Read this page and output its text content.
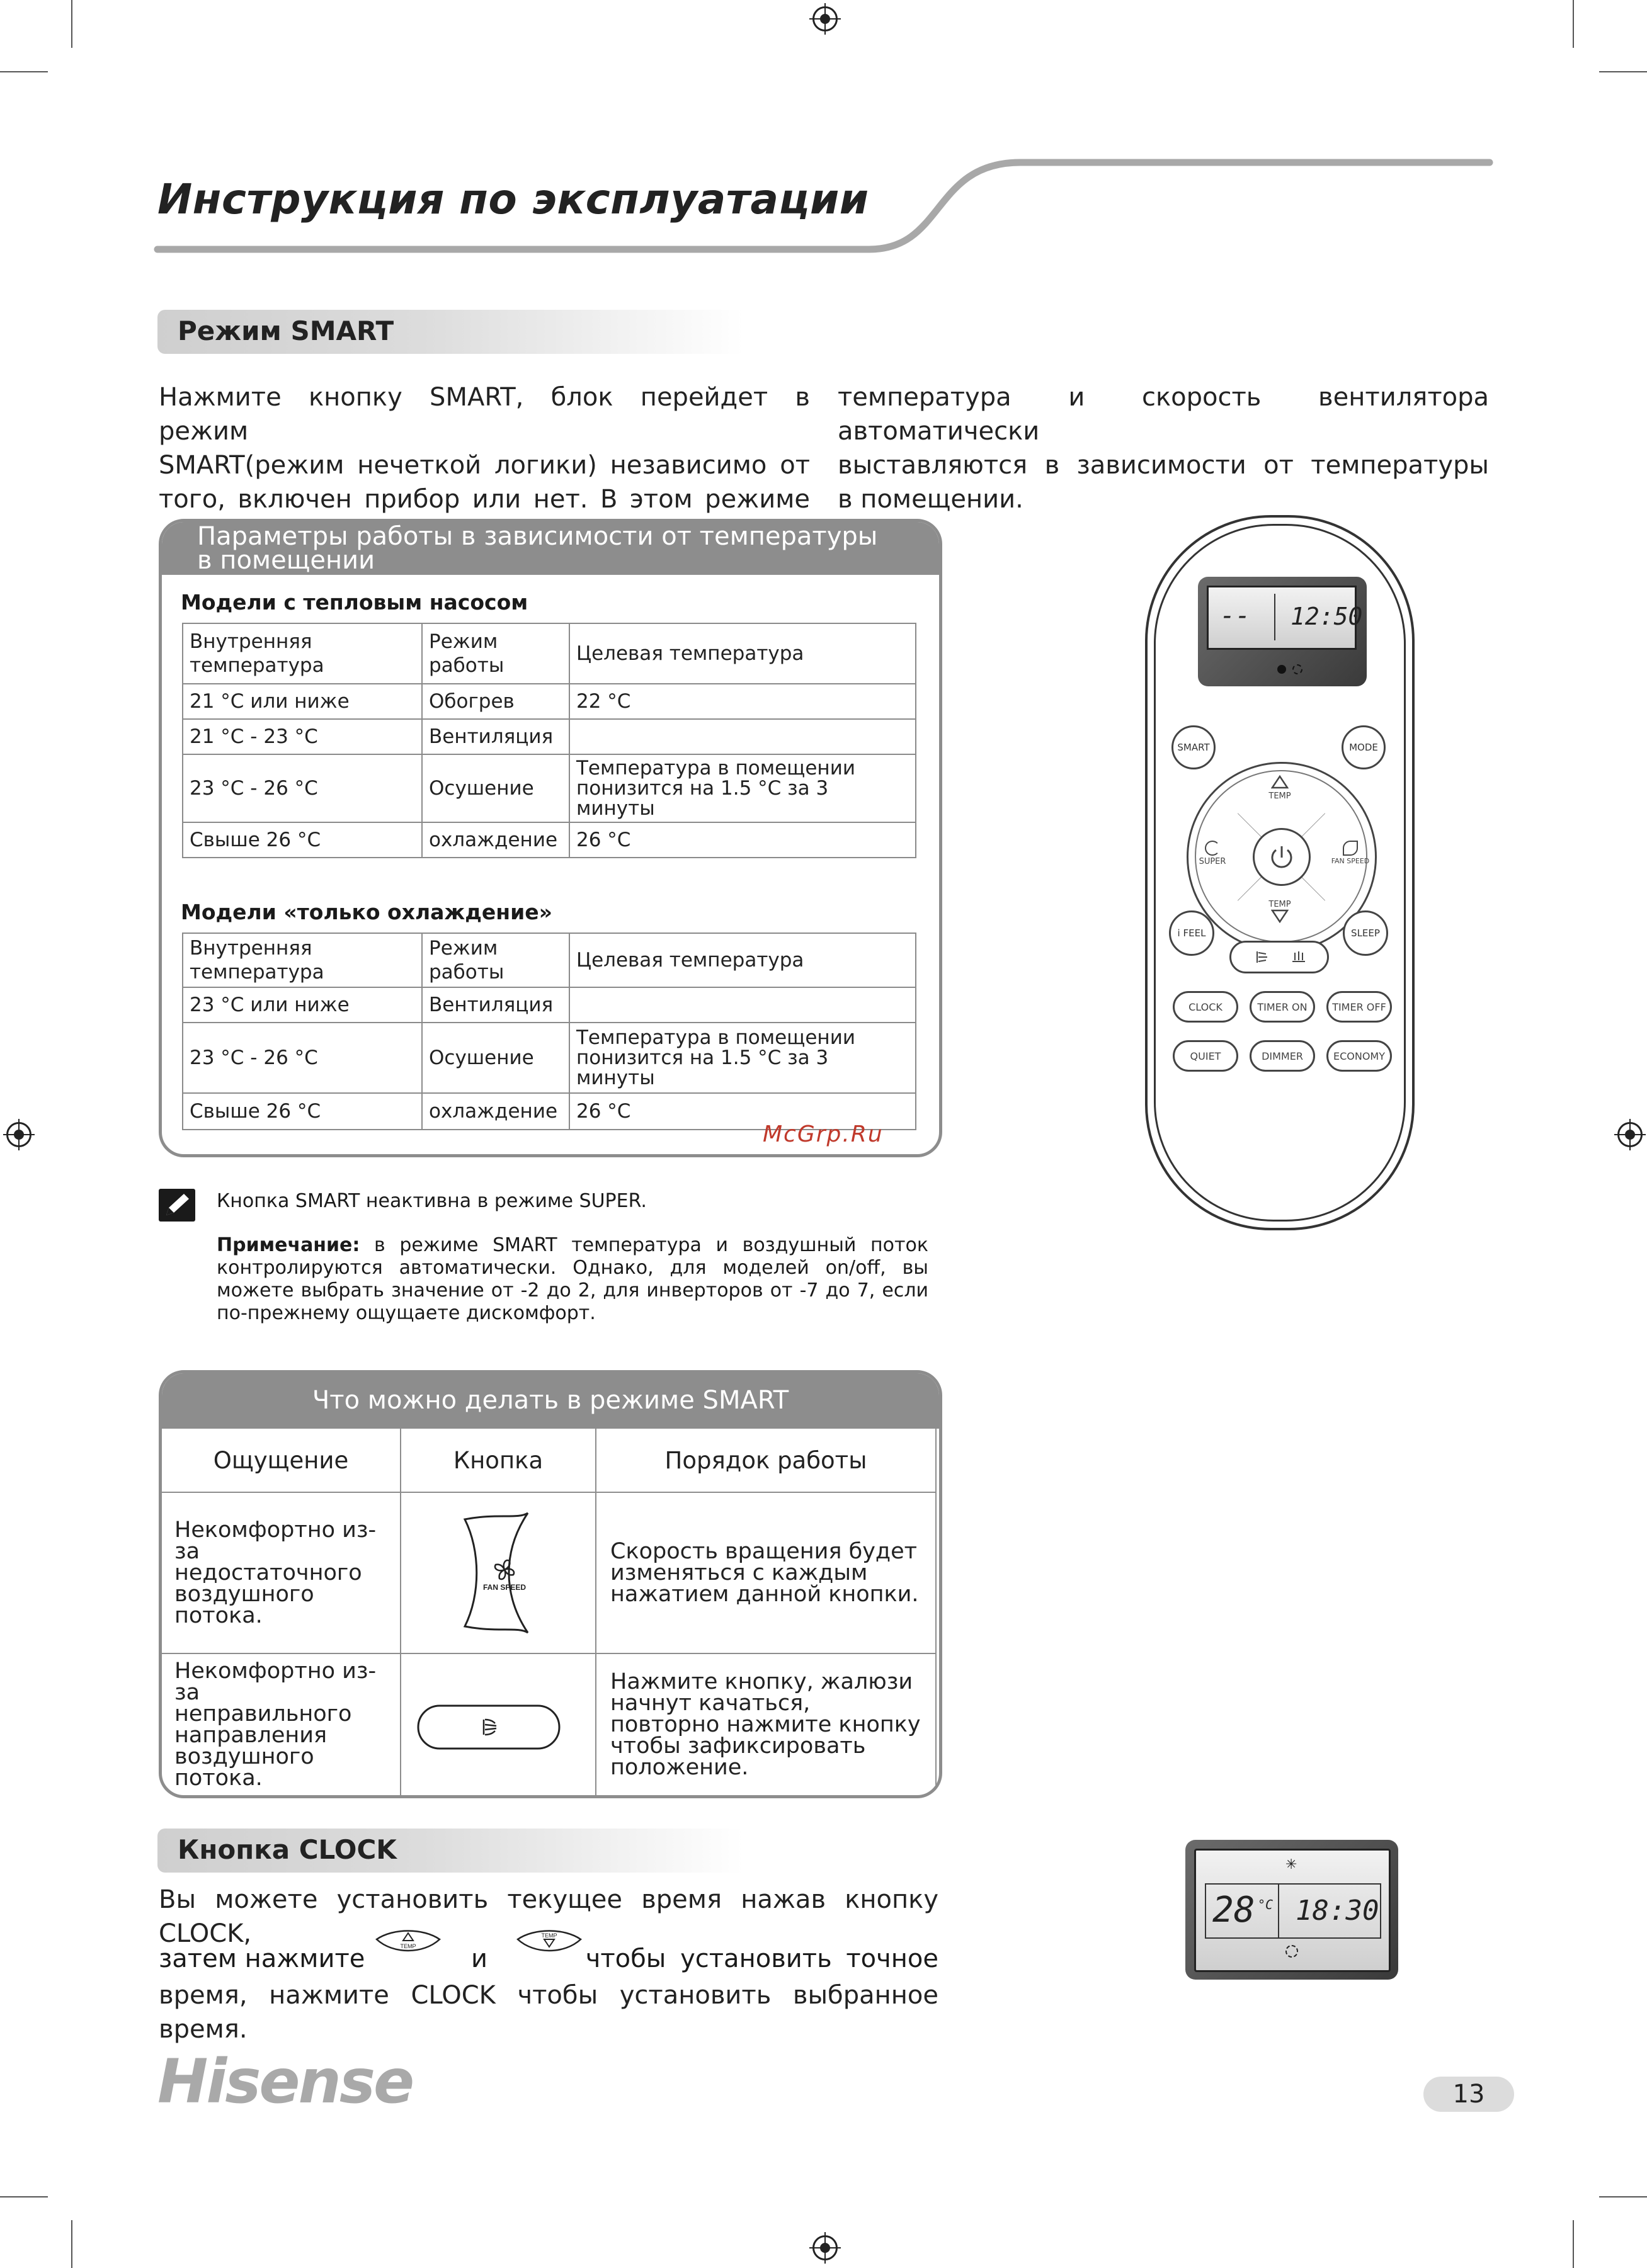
Инструкция по эксплуатации
Режим SMART
Нажмите кнопку SMART, блок перейдет в режим
SMART(режим нечеткой логики) независимо от
того, включен прибор или нет. В этом режиме
температура и скорость вентилятора автоматически
выставляются в зависимости от температуры
в помещении.
Параметры работы в зависимости от температуры
в помещении
Модели с тепловым насосом
Внутренняя температура	Режим работы	Целевая температура
21 °C или ниже	Обогрев	22 °C
21 °C - 23 °C	Вентиляция	
23 °C - 26 °C	Осушение	Температура в помещении понизится на 1.5 °C за 3 минуты
Свыше 26 °C	охлаждение	26 °C
Модели «только охлаждение»
Внутренняя температура	Режим работы	Целевая температура
23 °C или ниже	Вентиляция	
23 °C - 26 °C	Осушение	Температура в помещении понизится на 1.5 °C за 3 минуты
Свыше 26 °C	охлаждение	26 °C
McGrp.Ru
Кнопка SMART неактивна в режиме SUPER.
Примечание: в режиме SMART температура и воздушный поток контролируются автоматически. Однако, для моделей on/off, вы можете выбрать значение от -2 до 2, для инверторов от -7 до 7, если по-прежнему ощущаете дискомфорт.
Что можно делать в режиме SMART
Ощущение	Кнопка	Порядок работы
Некомфортно из-за недостаточного воздушного потока.	FAN SPEED	Скорость вращения будет изменяться с каждым нажатием данной кнопки.
Некомфортно из-за неправильного направления воздушного потока.		Нажмите кнопку, жалюзи начнут качаться, повторно нажмите кнопку чтобы зафиксировать положение.
-- 12:50
SMART	MODE
TEMP
TEMP
SUPER	FAN SPEED
i FEEL	SLEEP
CLOCK	TIMER ON	TIMER OFF
QUIET	DIMMER	ECONOMY
Кнопка CLOCK
Вы можете установить текущее время нажав кнопку CLOCK,
затем нажмите	TEMP и
TEMP
чтобы установить точное
время, нажмите CLOCK чтобы установить выбранное время.
✳
28 °C 18:30
Hisense	13
